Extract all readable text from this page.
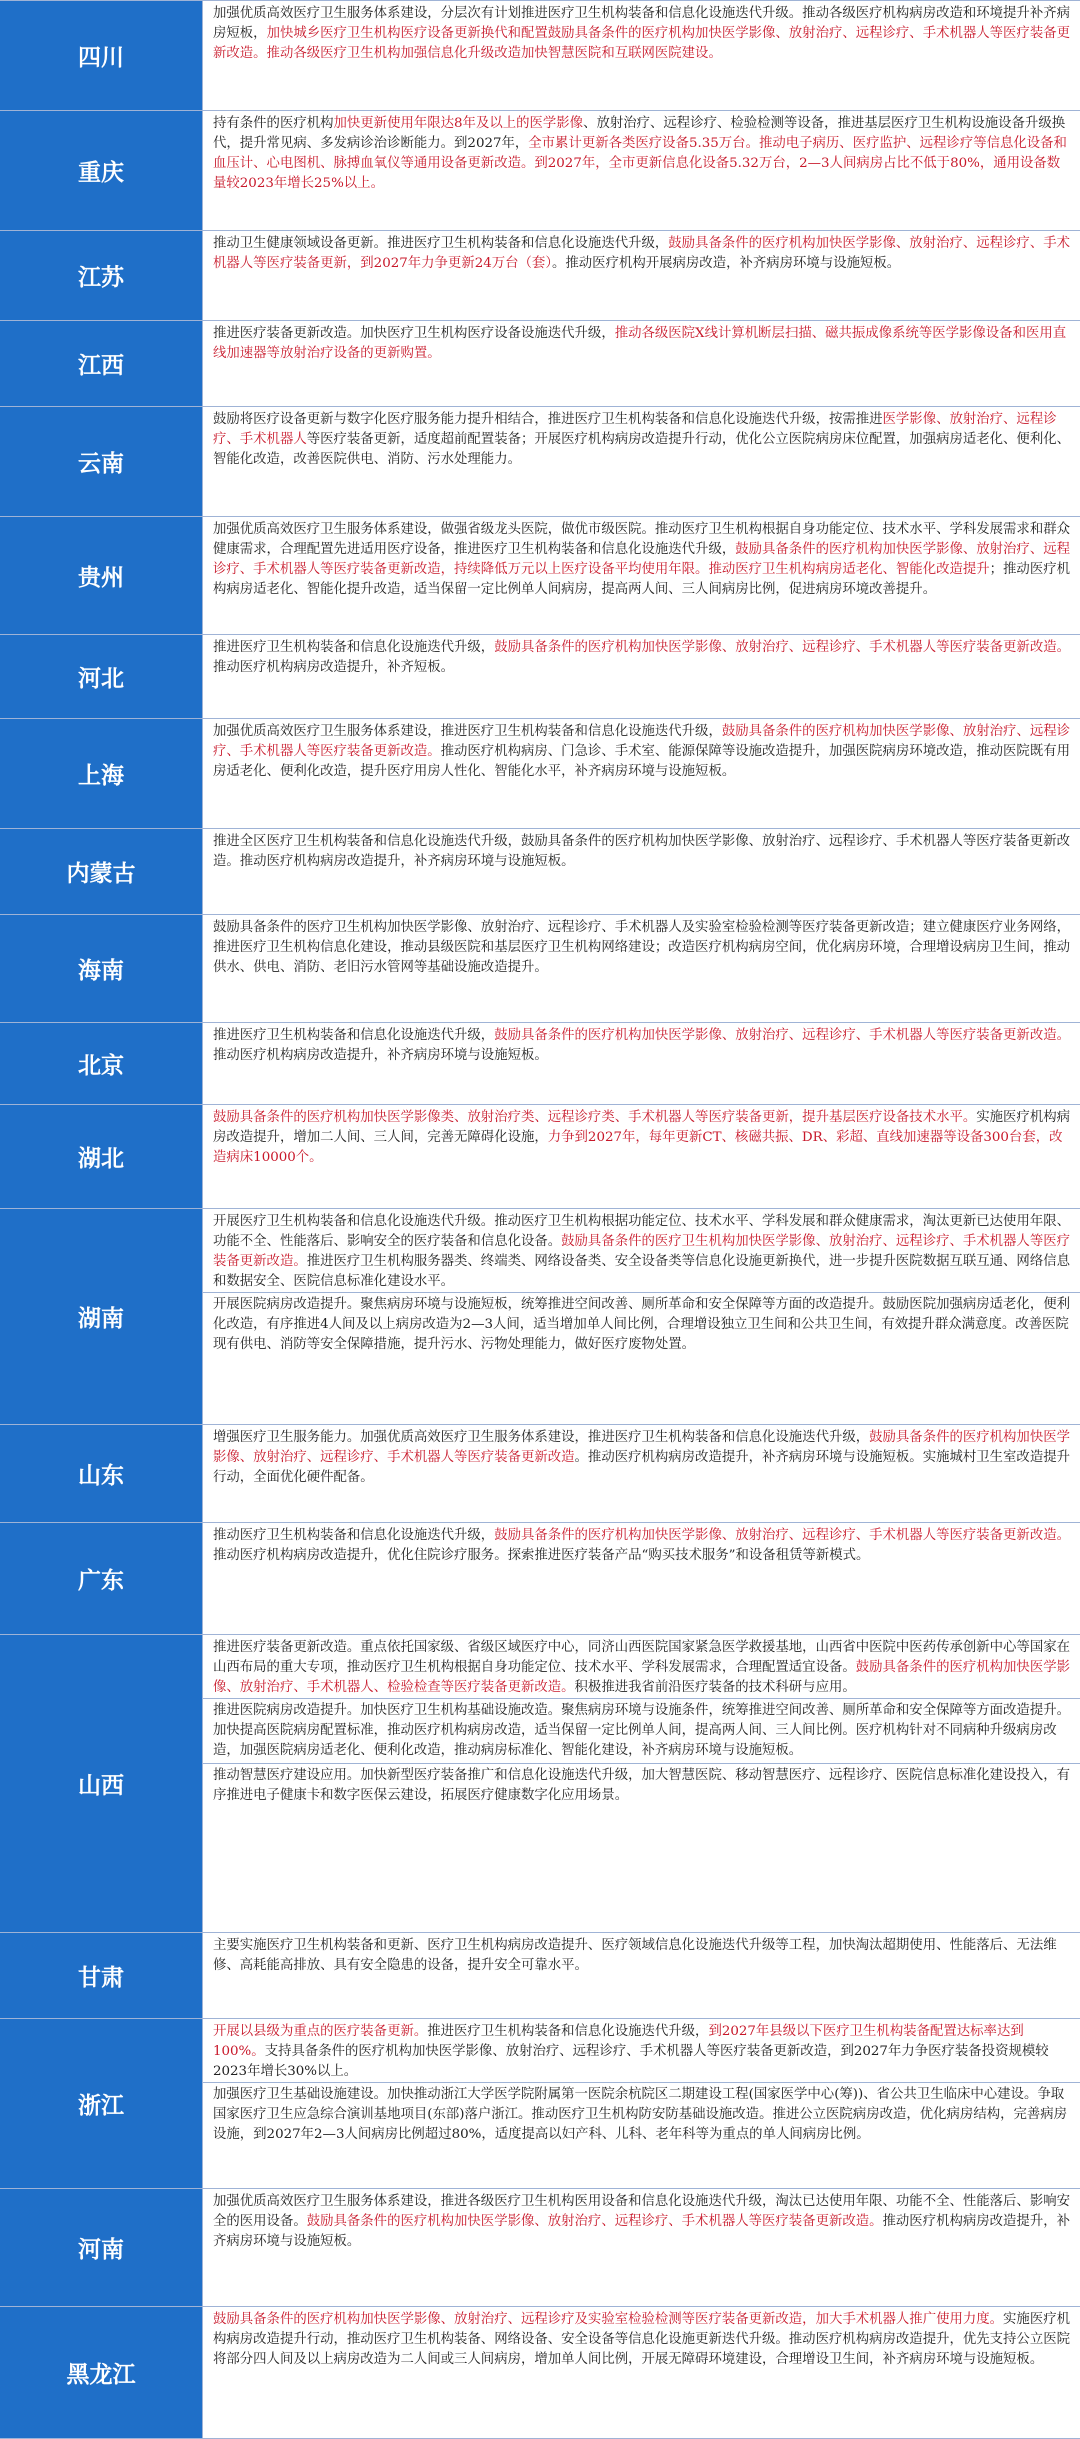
四川

加强优质高效医疗卫生服务体系建设，分层次有计划推进医疗卫生机构装备和信息化设施迭代升级。推动各级医疗机构病房改造和环境提升补齐病房短板，加快城乡医疗卫生机构医疗设备更新换代和配置鼓励具备条件的医疗机构加快医学影像、放射治疗、远程诊疗、手术机器人等医疗装备更新改造。推动各级医疗卫生机构加强信息化升级改造加快智慧医院和互联网医院建设。

重庆

持有条件的医疗机构加快更新使用年限达8年及以上的医学影像、放射治疗、远程诊疗、检验检测等设备，推进基层医疗卫生机构设施设备升级换代，提升常见病、多发病诊治诊断能力。到2027年，全市累计更新各类医疗设备5.35万台。推动电子病历、医疗监护、远程诊疗等信息化设备和血压计、心电图机、脉搏血氧仪等通用设备更新改造。到2027年，全市更新信息化设备5.32万台，2—3人间病房占比不低于80%，通用设备数量较2023年增长25%以上。

江苏

推动卫生健康领域设备更新。推进医疗卫生机构装备和信息化设施迭代升级，鼓励具备条件的医疗机构加快医学影像、放射治疗、远程诊疗、手术机器人等医疗装备更新，到2027年力争更新24万台（套）。推动医疗机构开展病房改造，补齐病房环境与设施短板。

江西

推进医疗装备更新改造。加快医疗卫生机构医疗设备设施迭代升级，推动各级医院X线计算机断层扫描、磁共振成像系统等医学影像设备和医用直线加速器等放射治疗设备的更新购置。

云南

鼓励将医疗设备更新与数字化医疗服务能力提升相结合，推进医疗卫生机构装备和信息化设施迭代升级，按需推进医学影像、放射治疗、远程诊疗、手术机器人等医疗装备更新，适度超前配置装备；开展医疗机构病房改造提升行动，优化公立医院病房床位配置，加强病房适老化、便利化、智能化改造，改善医院供电、消防、污水处理能力。

贵州

加强优质高效医疗卫生服务体系建设，做强省级龙头医院，做优市级医院。推动医疗卫生机构根据自身功能定位、技术水平、学科发展需求和群众健康需求，合理配置先进适用医疗设备，推进医疗卫生机构装备和信息化设施迭代升级，鼓励具备条件的医疗机构加快医学影像、放射治疗、远程诊疗、手术机器人等医疗装备更新改造，持续降低万元以上医疗设备平均使用年限。推动医疗卫生机构病房适老化、智能化改造提升；推动医疗机构病房适老化、智能化提升改造，适当保留一定比例单人间病房，提高两人间、三人间病房比例，促进病房环境改善提升。

河北

推进医疗卫生机构装备和信息化设施迭代升级，鼓励具备条件的医疗机构加快医学影像、放射治疗、远程诊疗、手术机器人等医疗装备更新改造。推动医疗机构病房改造提升，补齐短板。

上海

加强优质高效医疗卫生服务体系建设，推进医疗卫生机构装备和信息化设施迭代升级，鼓励具备条件的医疗机构加快医学影像、放射治疗、远程诊疗、手术机器人等医疗装备更新改造。推动医疗机构病房、门急诊、手术室、能源保障等设施改造提升，加强医院病房环境改造，推动医院既有用房适老化、便利化改造，提升医疗用房人性化、智能化水平，补齐病房环境与设施短板。

内蒙古

推进全区医疗卫生机构装备和信息化设施迭代升级，鼓励具备条件的医疗机构加快医学影像、放射治疗、远程诊疗、手术机器人等医疗装备更新改造。推动医疗机构病房改造提升，补齐病房环境与设施短板。

海南

鼓励具备条件的医疗卫生机构加快医学影像、放射治疗、远程诊疗、手术机器人及实验室检验检测等医疗装备更新改造；建立健康医疗业务网络，推进医疗卫生机构信息化建设，推动县级医院和基层医疗卫生机构网络建设；改造医疗机构病房空间，优化病房环境，合理增设病房卫生间，推动供水、供电、消防、老旧污水管网等基础设施改造提升。

北京

推进医疗卫生机构装备和信息化设施迭代升级，鼓励具备条件的医疗机构加快医学影像、放射治疗、远程诊疗、手术机器人等医疗装备更新改造。推动医疗机构病房改造提升，补齐病房环境与设施短板。

湖北

鼓励具备条件的医疗机构加快医学影像类、放射治疗类、远程诊疗类、手术机器人等医疗装备更新，提升基层医疗设备技术水平。实施医疗机构病房改造提升，增加二人间、三人间，完善无障碍化设施，力争到2027年，每年更新CT、核磁共振、DR、彩超、直线加速器等设备300台套，改造病床10000个。

湖南

开展医疗卫生机构装备和信息化设施迭代升级。推动医疗卫生机构根据功能定位、技术水平、学科发展和群众健康需求，淘汰更新已达使用年限、功能不全、性能落后、影响安全的医疗装备和信息化设备。鼓励具备条件的医疗卫生机构加快医学影像、放射治疗、远程诊疗、手术机器人等医疗装备更新改造。推进医疗卫生机构服务器类、终端类、网络设备类、安全设备类等信息化设施更新换代，进一步提升医院数据互联互通、网络信息和数据安全、医院信息标准化建设水平。

开展医院病房改造提升。聚焦病房环境与设施短板，统筹推进空间改善、厕所革命和安全保障等方面的改造提升。鼓励医院加强病房适老化，便利化改造，有序推进4人间及以上病房改造为2—3人间，适当增加单人间比例，合理增设独立卫生间和公共卫生间，有效提升群众满意度。改善医院现有供电、消防等安全保障措施，提升污水、污物处理能力，做好医疗废物处置。

山东

增强医疗卫生服务能力。加强优质高效医疗卫生服务体系建设，推进医疗卫生机构装备和信息化设施迭代升级，鼓励具备条件的医疗机构加快医学影像、放射治疗、远程诊疗、手术机器人等医疗装备更新改造。推动医疗机构病房改造提升，补齐病房环境与设施短板。实施城村卫生室改造提升行动，全面优化硬件配备。

广东

推动医疗卫生机构装备和信息化设施迭代升级，鼓励具备条件的医疗机构加快医学影像、放射治疗、远程诊疗、手术机器人等医疗装备更新改造。推动医疗机构病房改造提升，优化住院诊疗服务。探索推进医疗装备产品“购买技术服务”和设备租赁等新模式。

山西

推进医疗装备更新改造。重点依托国家级、省级区域医疗中心，同济山西医院国家紧急医学救援基地，山西省中医院中医药传承创新中心等国家在山西布局的重大专项，推动医疗卫生机构根据自身功能定位、技术水平、学科发展需求，合理配置适宜设备。鼓励具备条件的医疗机构加快医学影像、放射治疗、手术机器人、检验检查等医疗装备更新改造。积极推进我省前沿医疗装备的技术科研与应用。

推进医院病房改造提升。加快医疗卫生机构基础设施改造。聚焦病房环境与设施条件，统筹推进空间改善、厕所革命和安全保障等方面改造提升。加快提高医院病房配置标准，推动医疗机构病房改造，适当保留一定比例单人间，提高两人间、三人间比例。医疗机构针对不同病种升级病房改造，加强医院病房适老化、便利化改造，推动病房标准化、智能化建设，补齐病房环境与设施短板。

推动智慧医疗建设应用。加快新型医疗装备推广和信息化设施迭代升级，加大智慧医院、移动智慧医疗、远程诊疗、医院信息标准化建设投入，有序推进电子健康卡和数字医保云建设，拓展医疗健康数字化应用场景。

甘肃

主要实施医疗卫生机构装备和更新、医疗卫生机构病房改造提升、医疗领域信息化设施迭代升级等工程，加快淘汰超期使用、性能落后、无法维修、高耗能高排放、具有安全隐患的设备，提升安全可靠水平。

浙江

开展以县级为重点的医疗装备更新。推进医疗卫生机构装备和信息化设施迭代升级，到2027年县级以下医疗卫生机构装备配置达标率达到100%。支持具备条件的医疗机构加快医学影像、放射治疗、远程诊疗、手术机器人等医疗装备更新改造，到2027年力争医疗装备投资规模较2023年增长30%以上。

加强医疗卫生基础设施建设。加快推动浙江大学医学院附属第一医院余杭院区二期建设工程(国家医学中心(筹))、省公共卫生临床中心建设。争取国家医疗卫生应急综合演训基地项目(东部)落户浙江。推动医疗卫生机构防安防基础设施改造。推进公立医院病房改造，优化病房结构，完善病房设施，到2027年2—3人间病房比例超过80%，适度提高以妇产科、儿科、老年科等为重点的单人间病房比例。

河南

加强优质高效医疗卫生服务体系建设，推进各级医疗卫生机构医用设备和信息化设施迭代升级，淘汰已达使用年限、功能不全、性能落后、影响安全的医用设备。鼓励具备条件的医疗机构加快医学影像、放射治疗、远程诊疗、手术机器人等医疗装备更新改造。推动医疗机构病房改造提升，补齐病房环境与设施短板。

黑龙江

鼓励具备条件的医疗机构加快医学影像、放射治疗、远程诊疗及实验室检验检测等医疗装备更新改造，加大手术机器人推广使用力度。实施医疗机构病房改造提升行动，推动医疗卫生机构装备、网络设备、安全设备等信息化设施更新迭代升级。推动医疗机构病房改造提升，优先支持公立医院将部分四人间及以上病房改造为二人间或三人间病房，增加单人间比例，开展无障碍环境建设，合理增设卫生间，补齐病房环境与设施短板。
